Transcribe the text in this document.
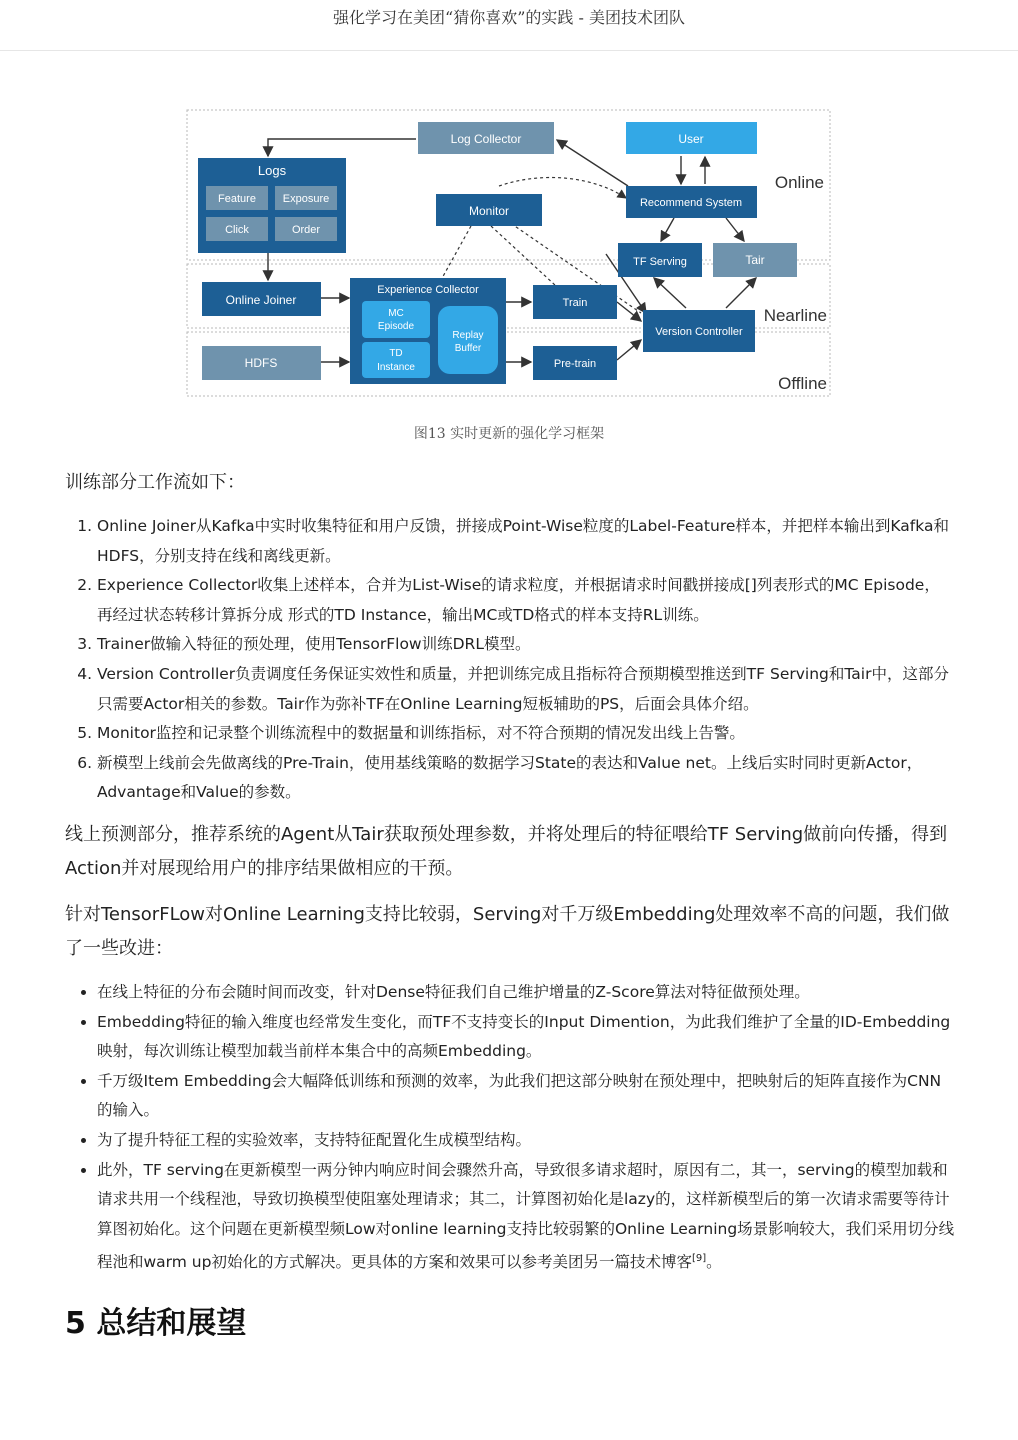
强化学习在美团“猜你喜欢”的实践 - 美团技术团队
Online
Nearline
Offline
Log Collector	User
Logs
Feature Exposure
Click	Order
Monitor
Recommend System
TF Serving	Tair
Online Joiner
Experience Collector
MC
Episode
TD
Instance
Replay
Buffer
Train
Pre-train
Version Controller
HDFS
图13 实时更新的强化学习框架

训练部分工作流如下：

1. Online Joiner从Kafka中实时收集特征和用户反馈，拼接成Point-Wise粒度的Label-Feature样本，并把样本输出到Kafka和HDFS，分别支持在线和离线更新。
2. Experience Collector收集上述样本，合并为List-Wise的请求粒度，并根据请求时间戳拼接成[]列表形式的MC Episode，再经过状态转移计算拆分成 形式的TD Instance，输出MC或TD格式的样本支持RL训练。
3. Trainer做输入特征的预处理，使用TensorFlow训练DRL模型。
4. Version Controller负责调度任务保证实效性和质量，并把训练完成且指标符合预期模型推送到TF Serving和Tair中，这部分只需要Actor相关的参数。Tair作为弥补TF在Online Learning短板辅助的PS，后面会具体介绍。
5. Monitor监控和记录整个训练流程中的数据量和训练指标，对不符合预期的情况发出线上告警。
6. 新模型上线前会先做离线的Pre-Train，使用基线策略的数据学习State的表达和Value net。上线后实时同时更新Actor，Advantage和Value的参数。

线上预测部分，推荐系统的Agent从Tair获取预处理参数，并将处理后的特征喂给TF Serving做前向传播，得到Action并对展现给用户的排序结果做相应的干预。

针对TensorFLow对Online Learning支持比较弱，Serving对千万级Embedding处理效率不高的问题，我们做了一些改进：

• 在线上特征的分布会随时间而改变，针对Dense特征我们自己维护增量的Z-Score算法对特征做预处理。
• Embedding特征的输入维度也经常发生变化，而TF不支持变长的Input Dimention，为此我们维护了全量的ID-Embedding映射，每次训练让模型加载当前样本集合中的高频Embedding。
• 千万级Item Embedding会大幅降低训练和预测的效率，为此我们把这部分映射在预处理中，把映射后的矩阵直接作为CNN的输入。
• 为了提升特征工程的实验效率，支持特征配置化生成模型结构。
• 此外，TF serving在更新模型一两分钟内响应时间会骤然升高，导致很多请求超时，原因有二，其一，serving的模型加载和请求共用一个线程池，导致切换模型使阻塞处理请求；其二，计算图初始化是lazy的，这样新模型后的第一次请求需要等待计算图初始化。这个问题在更新模型频Low对online learning支持比较弱繁的Online Learning场景影响较大，我们采用切分线程池和warm up初始化的方式解决。更具体的方案和效果可以参考美团另一篇技术博客[9]。
5 总结和展望
